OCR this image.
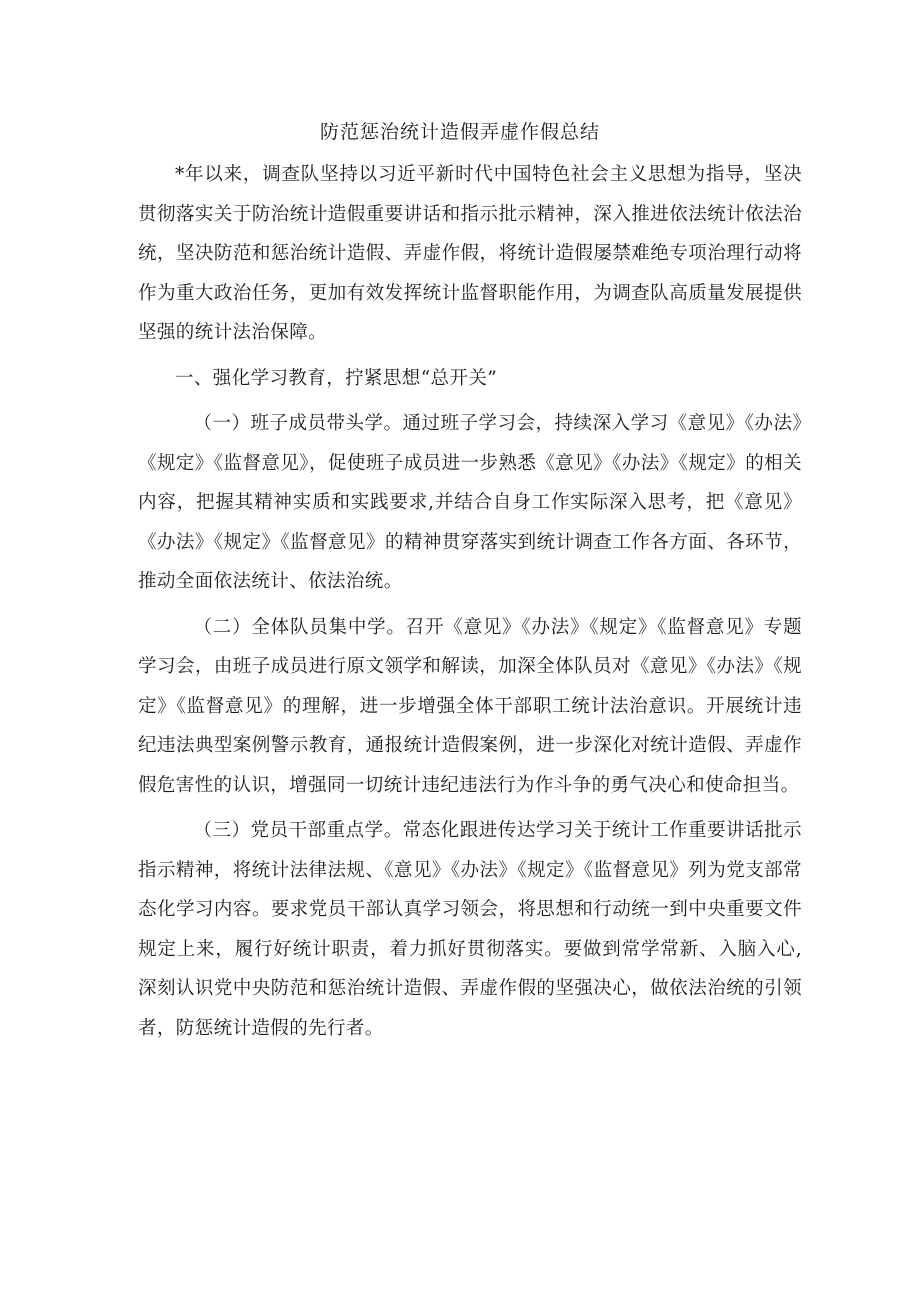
防范惩治统计造假弄虚作假总结

*年以来，调查队坚持以习近平新时代中国特色社会主义思想为指导，坚决贯彻落实关于防治统计造假重要讲话和指示批示精神，深入推进依法统计依法治统，坚决防范和惩治统计造假、弄虚作假，将统计造假屡禁难绝专项治理行动将作为重大政治任务，更加有效发挥统计监督职能作用，为调查队高质量发展提供坚强的统计法治保障。

一、强化学习教育，拧紧思想“总开关”

（一）班子成员带头学。通过班子学习会，持续深入学习《意见》《办法》《规定》《监督意见》，促使班子成员进一步熟悉《意见》《办法》《规定》的相关内容，把握其精神实质和实践要求,并结合自身工作实际深入思考，把《意见》《办法》《规定》《监督意见》的精神贯穿落实到统计调查工作各方面、各环节，推动全面依法统计、依法治统。

（二）全体队员集中学。召开《意见》《办法》《规定》《监督意见》专题学习会，由班子成员进行原文领学和解读，加深全体队员对《意见》《办法》《规定》《监督意见》的理解，进一步增强全体干部职工统计法治意识。开展统计违纪违法典型案例警示教育，通报统计造假案例，进一步深化对统计造假、弄虚作假危害性的认识，增强同一切统计违纪违法行为作斗争的勇气决心和使命担当。

（三）党员干部重点学。常态化跟进传达学习关于统计工作重要讲话批示指示精神，将统计法律法规、《意见》《办法》《规定》《监督意见》列为党支部常态化学习内容。要求党员干部认真学习领会，将思想和行动统一到中央重要文件规定上来，履行好统计职责，着力抓好贯彻落实。要做到常学常新、入脑入心,深刻认识党中央防范和惩治统计造假、弄虚作假的坚强决心，做依法治统的引领者，防惩统计造假的先行者。
